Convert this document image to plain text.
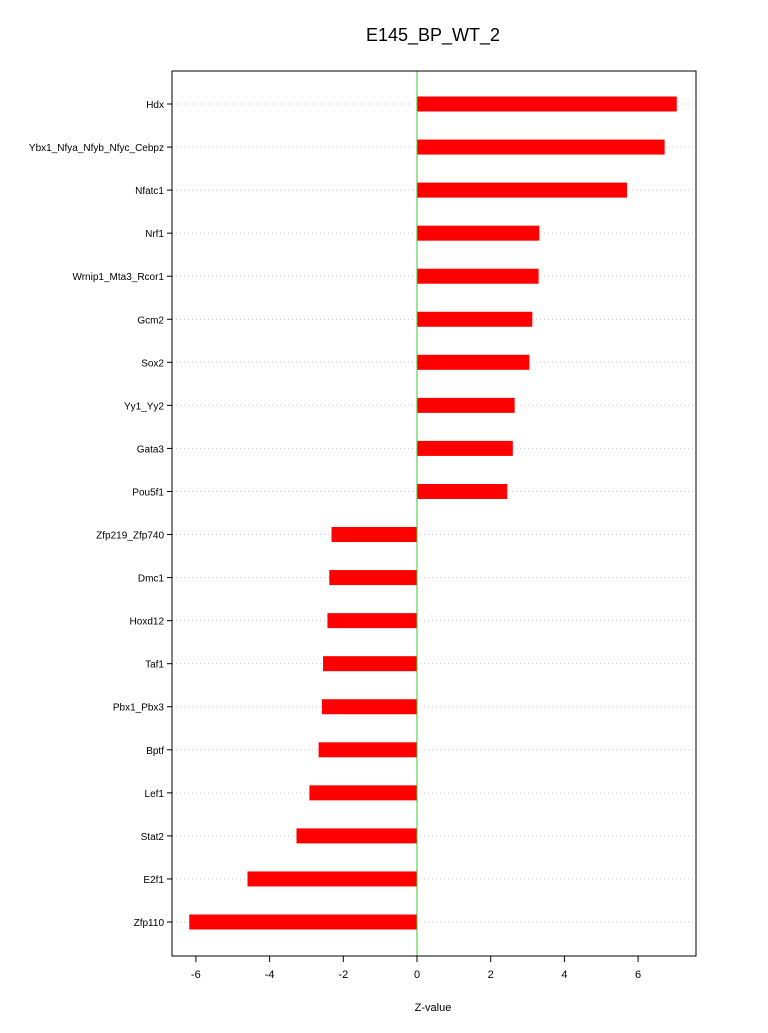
E145_BP_WT_2
Hdx
Ybx1_Nfya_Nfyb_Nfyc_Cebpz
Nfatc1
Nrf1
Wrnip1_Mta3_Rcor1
Gcm2
Sox2
Yy1_Yy2
Gata3
Pou5f1
Zfp219_Zfp740
Dmc1
Hoxd12
Taf1
Pbx1_Pbx3
Bptf
Lef1
Stat2
E2f1
Zfp110
-6	-4	-2	0	2	4	6
Z-value
